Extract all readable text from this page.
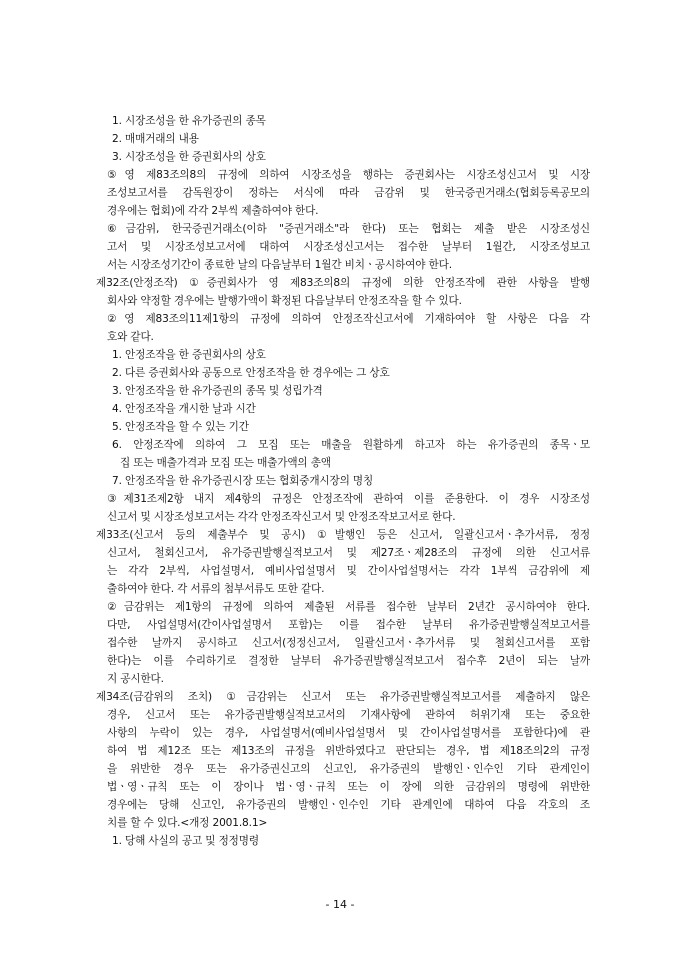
1. 시장조성을 한 유가증권의 종목
2. 매매거래의 내용
3. 시장조성을 한 증권회사의 상호
⑤영 제83조의8의 규정에 의하여 시장조성을 행하는 증권회사는 시장조성신고서 및 시장
조성보고서를 감독원장이 정하는 서식에 따라 금감위 및 한국증권거래소(협회등록공모의
경우에는 협회)에 각각 2부씩 제출하여야 한다.
⑥금감위, 한국증권거래소(이하 "증권거래소"라 한다) 또는 협회는 제출 받은 시장조성신
고서 및 시장조성보고서에 대하여 시장조성신고서는 접수한 날부터 1월간, 시장조성보고
서는 시장조성기간이 종료한 날의 다음날부터 1월간 비치ㆍ공시하여야 한다.
제32조(안정조작) ①증권회사가 영 제83조의8의 규정에 의한 안정조작에 관한 사항을 발행
회사와 약정할 경우에는 발행가액이 확정된 다음날부터 안정조작을 할 수 있다.
②영 제83조의11제1항의 규정에 의하여 안정조작신고서에 기재하여야 할 사항은 다음 각
호와 같다.
1. 안정조작을 한 증권회사의 상호
2. 다른 증권회사와 공동으로 안정조작을 한 경우에는 그 상호
3. 안정조작을 한 유가증권의 종목 및 성립가격
4. 안정조작을 개시한 날과 시간
5. 안정조작을 할 수 있는 기간
6. 안정조작에 의하여 그 모집 또는 매출을 원활하게 하고자 하는 유가증권의 종목ㆍ모
집 또는 매출가격과 모집 또는 매출가액의 총액
7. 안정조작을 한 유가증권시장 또는 협회중개시장의 명칭
③제31조제2항 내지 제4항의 규정은 안정조작에 관하여 이를 준용한다. 이 경우 시장조성
신고서 및 시장조성보고서는 각각 안정조작신고서 및 안정조작보고서로 한다.
제33조(신고서 등의 제출부수 및 공시) ①발행인 등은 신고서, 일괄신고서ㆍ추가서류, 정정
신고서, 철회신고서, 유가증권발행실적보고서 및 제27조ㆍ제28조의 규정에 의한 신고서류
는 각각 2부씩, 사업설명서, 예비사업설명서 및 간이사업설명서는 각각 1부씩 금감위에 제
출하여야 한다. 각 서류의 첨부서류도 또한 같다.
②금감위는 제1항의 규정에 의하여 제출된 서류를 접수한 날부터 2년간 공시하여야 한다.
다만, 사업설명서(간이사업설명서 포함)는 이를 접수한 날부터 유가증권발행실적보고서를
접수한 날까지 공시하고 신고서(정정신고서, 일괄신고서ㆍ추가서류 및 철회신고서를 포함
한다)는 이를 수리하기로 결정한 날부터 유가증권발행실적보고서 접수후 2년이 되는 날까
지 공시한다.
제34조(금감위의 조치) ①금감위는 신고서 또는 유가증권발행실적보고서를 제출하지 않은
경우, 신고서 또는 유가증권발행실적보고서의 기재사항에 관하여 허위기재 또는 중요한
사항의 누락이 있는 경우, 사업설명서(예비사업설명서 및 간이사업설명서를 포함한다)에 관
하여 법 제12조 또는 제13조의 규정을 위반하였다고 판단되는 경우, 법 제18조의2의 규정
을 위반한 경우 또는 유가증권신고의 신고인, 유가증권의 발행인ㆍ인수인 기타 관계인이
법ㆍ영ㆍ규칙 또는 이 장이나 법ㆍ영ㆍ규칙 또는 이 장에 의한 금감위의 명령에 위반한
경우에는 당해 신고인, 유가증권의 발행인ㆍ인수인 기타 관계인에 대하여 다음 각호의 조
치를 할 수 있다.<개정 2001.8.1>
1. 당해 사실의 공고 및 정정명령
- 14 -
